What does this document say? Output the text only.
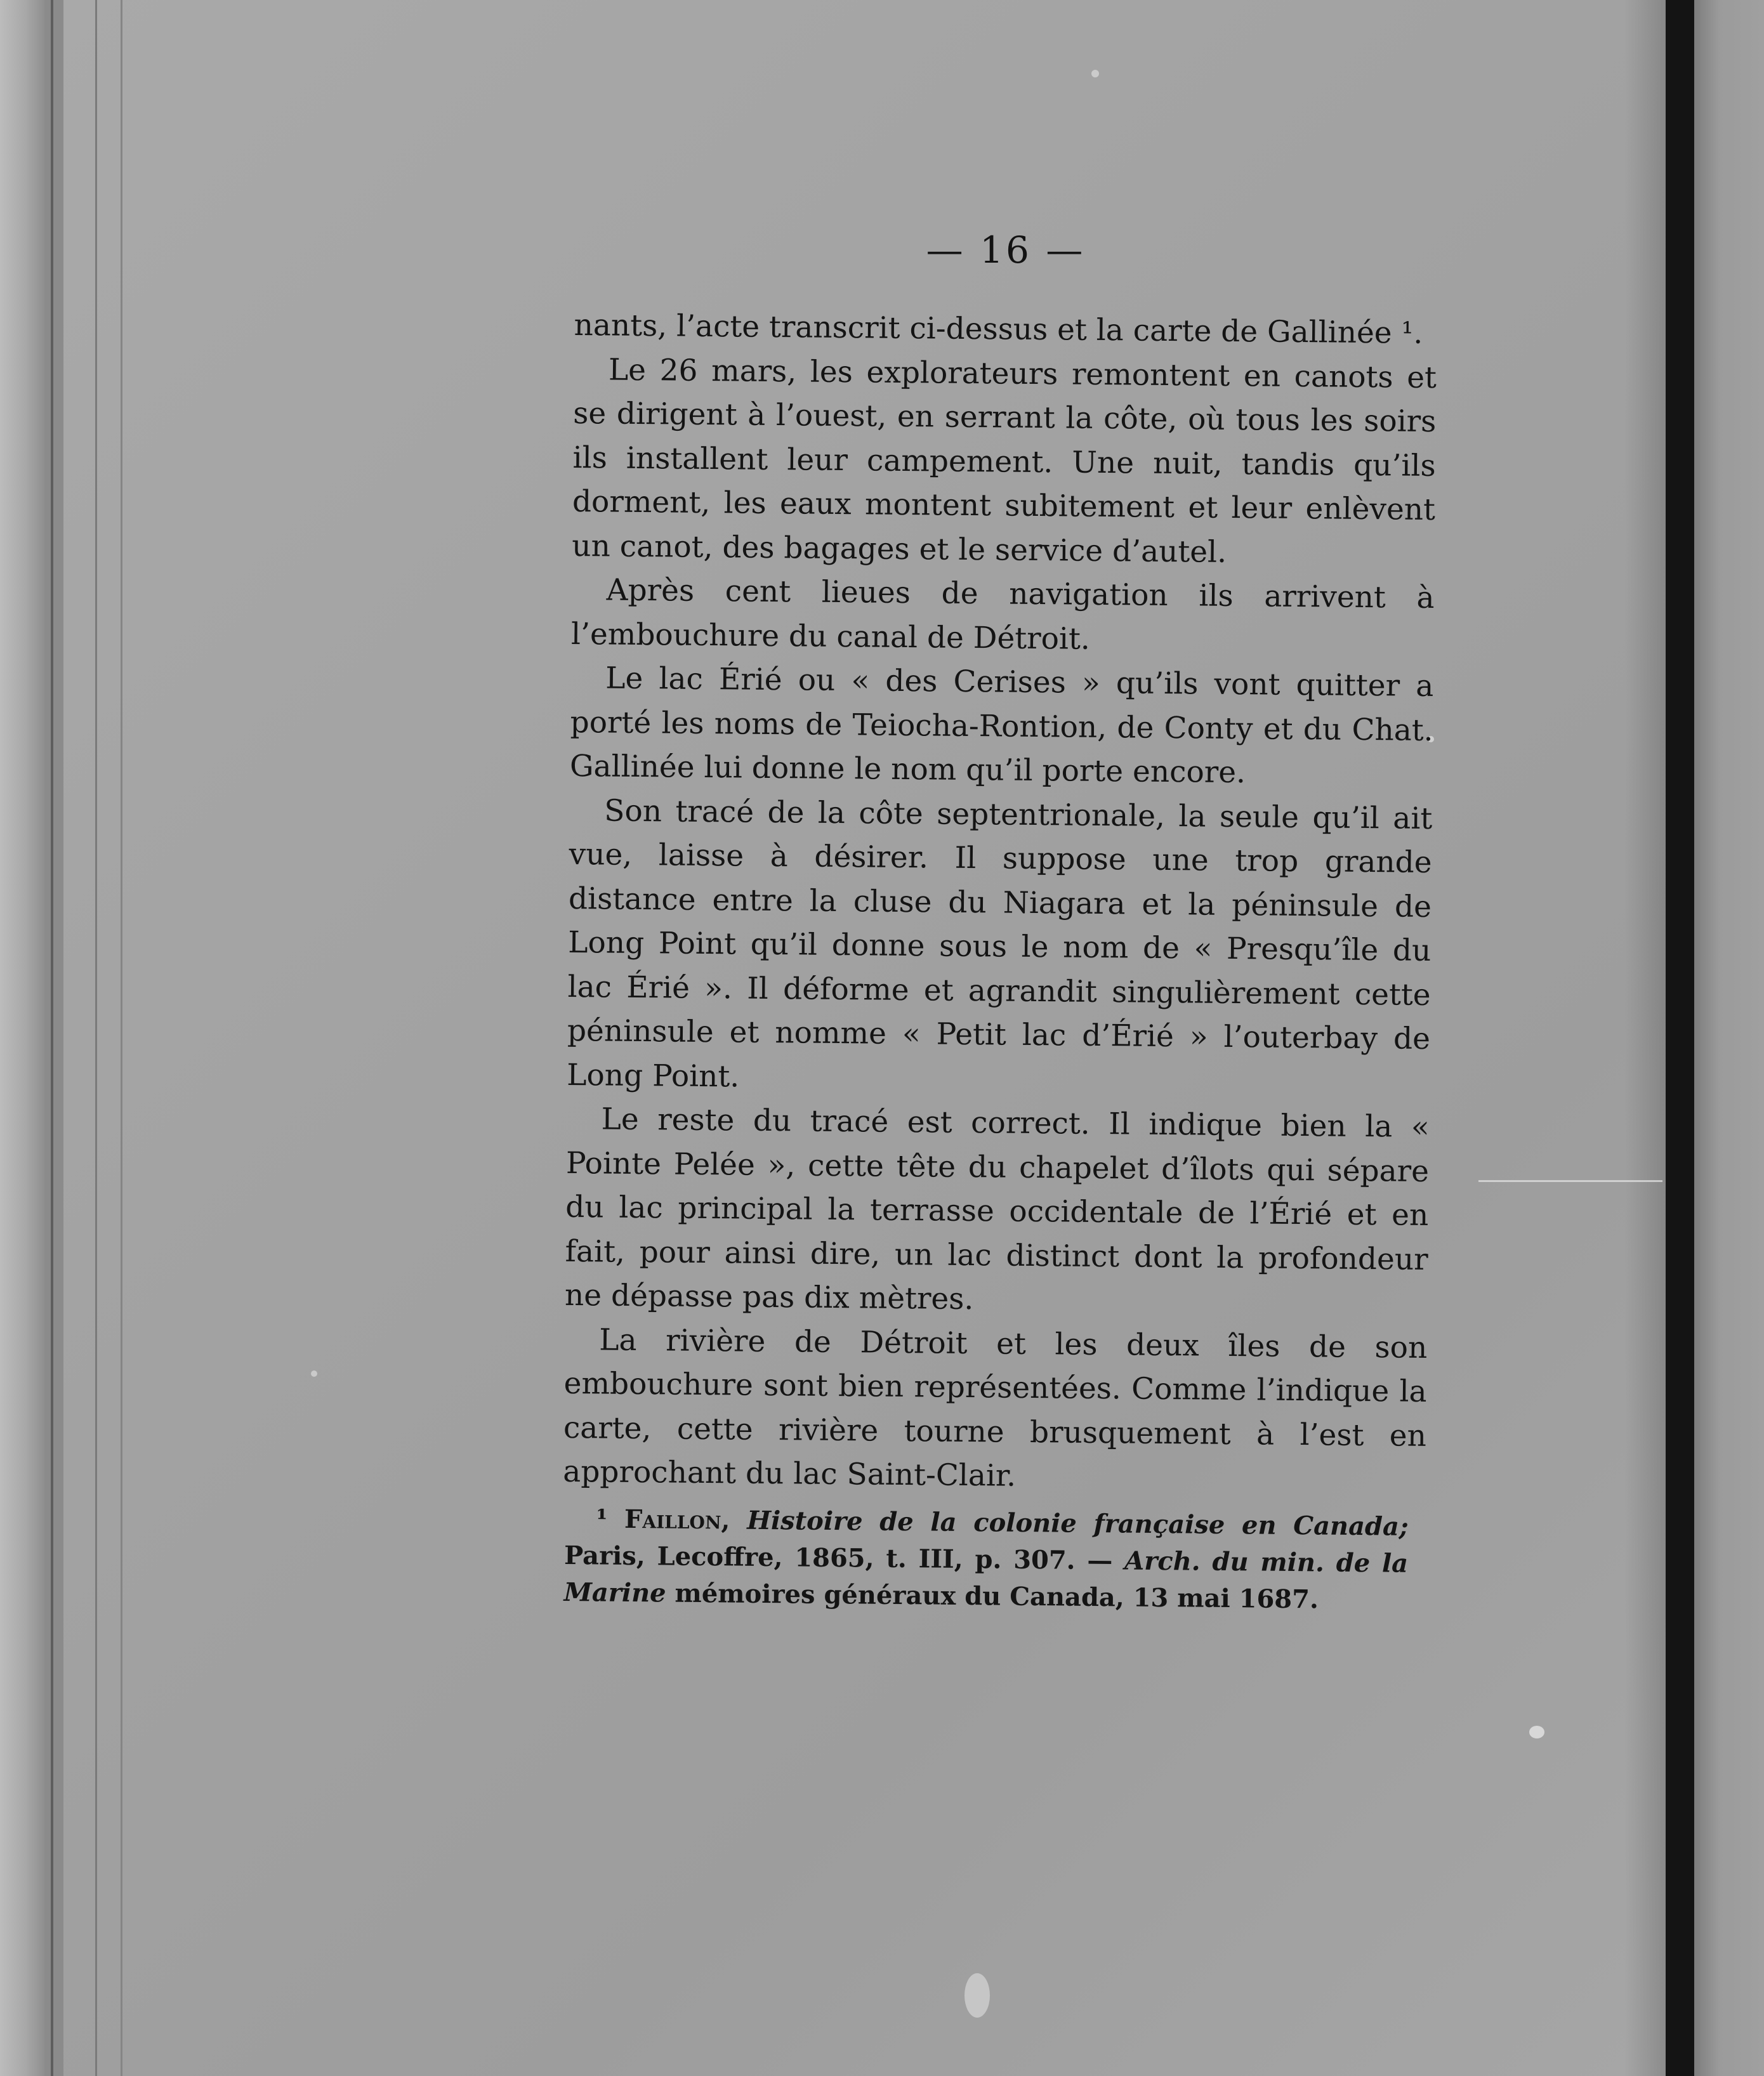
— 16 —

nants, l’acte transcrit ci-dessus et la carte de Gallinée ¹.

Le 26 mars, les explorateurs remontent en canots et se dirigent à l’ouest, en serrant la côte, où tous les soirs ils installent leur campement. Une nuit, tandis qu’ils dorment, les eaux montent subitement et leur enlèvent un canot, des bagages et le service d’autel.

Après cent lieues de navigation ils arrivent à l’embouchure du canal de Détroit.

Le lac Érié ou « des Cerises » qu’ils vont quitter a porté les noms de Teiocha-Rontion, de Conty et du Chat. Gallinée lui donne le nom qu’il porte encore.

Son tracé de la côte septentrionale, la seule qu’il ait vue, laisse à désirer. Il suppose une trop grande distance entre la cluse du Niagara et la péninsule de Long Point qu’il donne sous le nom de « Presqu’île du lac Érié ». Il déforme et agrandit singulièrement cette péninsule et nomme « Petit lac d’Érié » l’outerbay de Long Point.

Le reste du tracé est correct. Il indique bien la « Pointe Pelée », cette tête du chapelet d’îlots qui sépare du lac principal la terrasse occidentale de l’Érié et en fait, pour ainsi dire, un lac distinct dont la profondeur ne dépasse pas dix mètres.

La rivière de Détroit et les deux îles de son embouchure sont bien représentées. Comme l’indique la carte, cette rivière tourne brusquement à l’est en approchant du lac Saint-Clair.

¹ Faillon, Histoire de la colonie française en Canada; Paris, Lecoffre, 1865, t. III, p. 307. — Arch. du min. de la Marine mémoires généraux du Canada, 13 mai 1687.
